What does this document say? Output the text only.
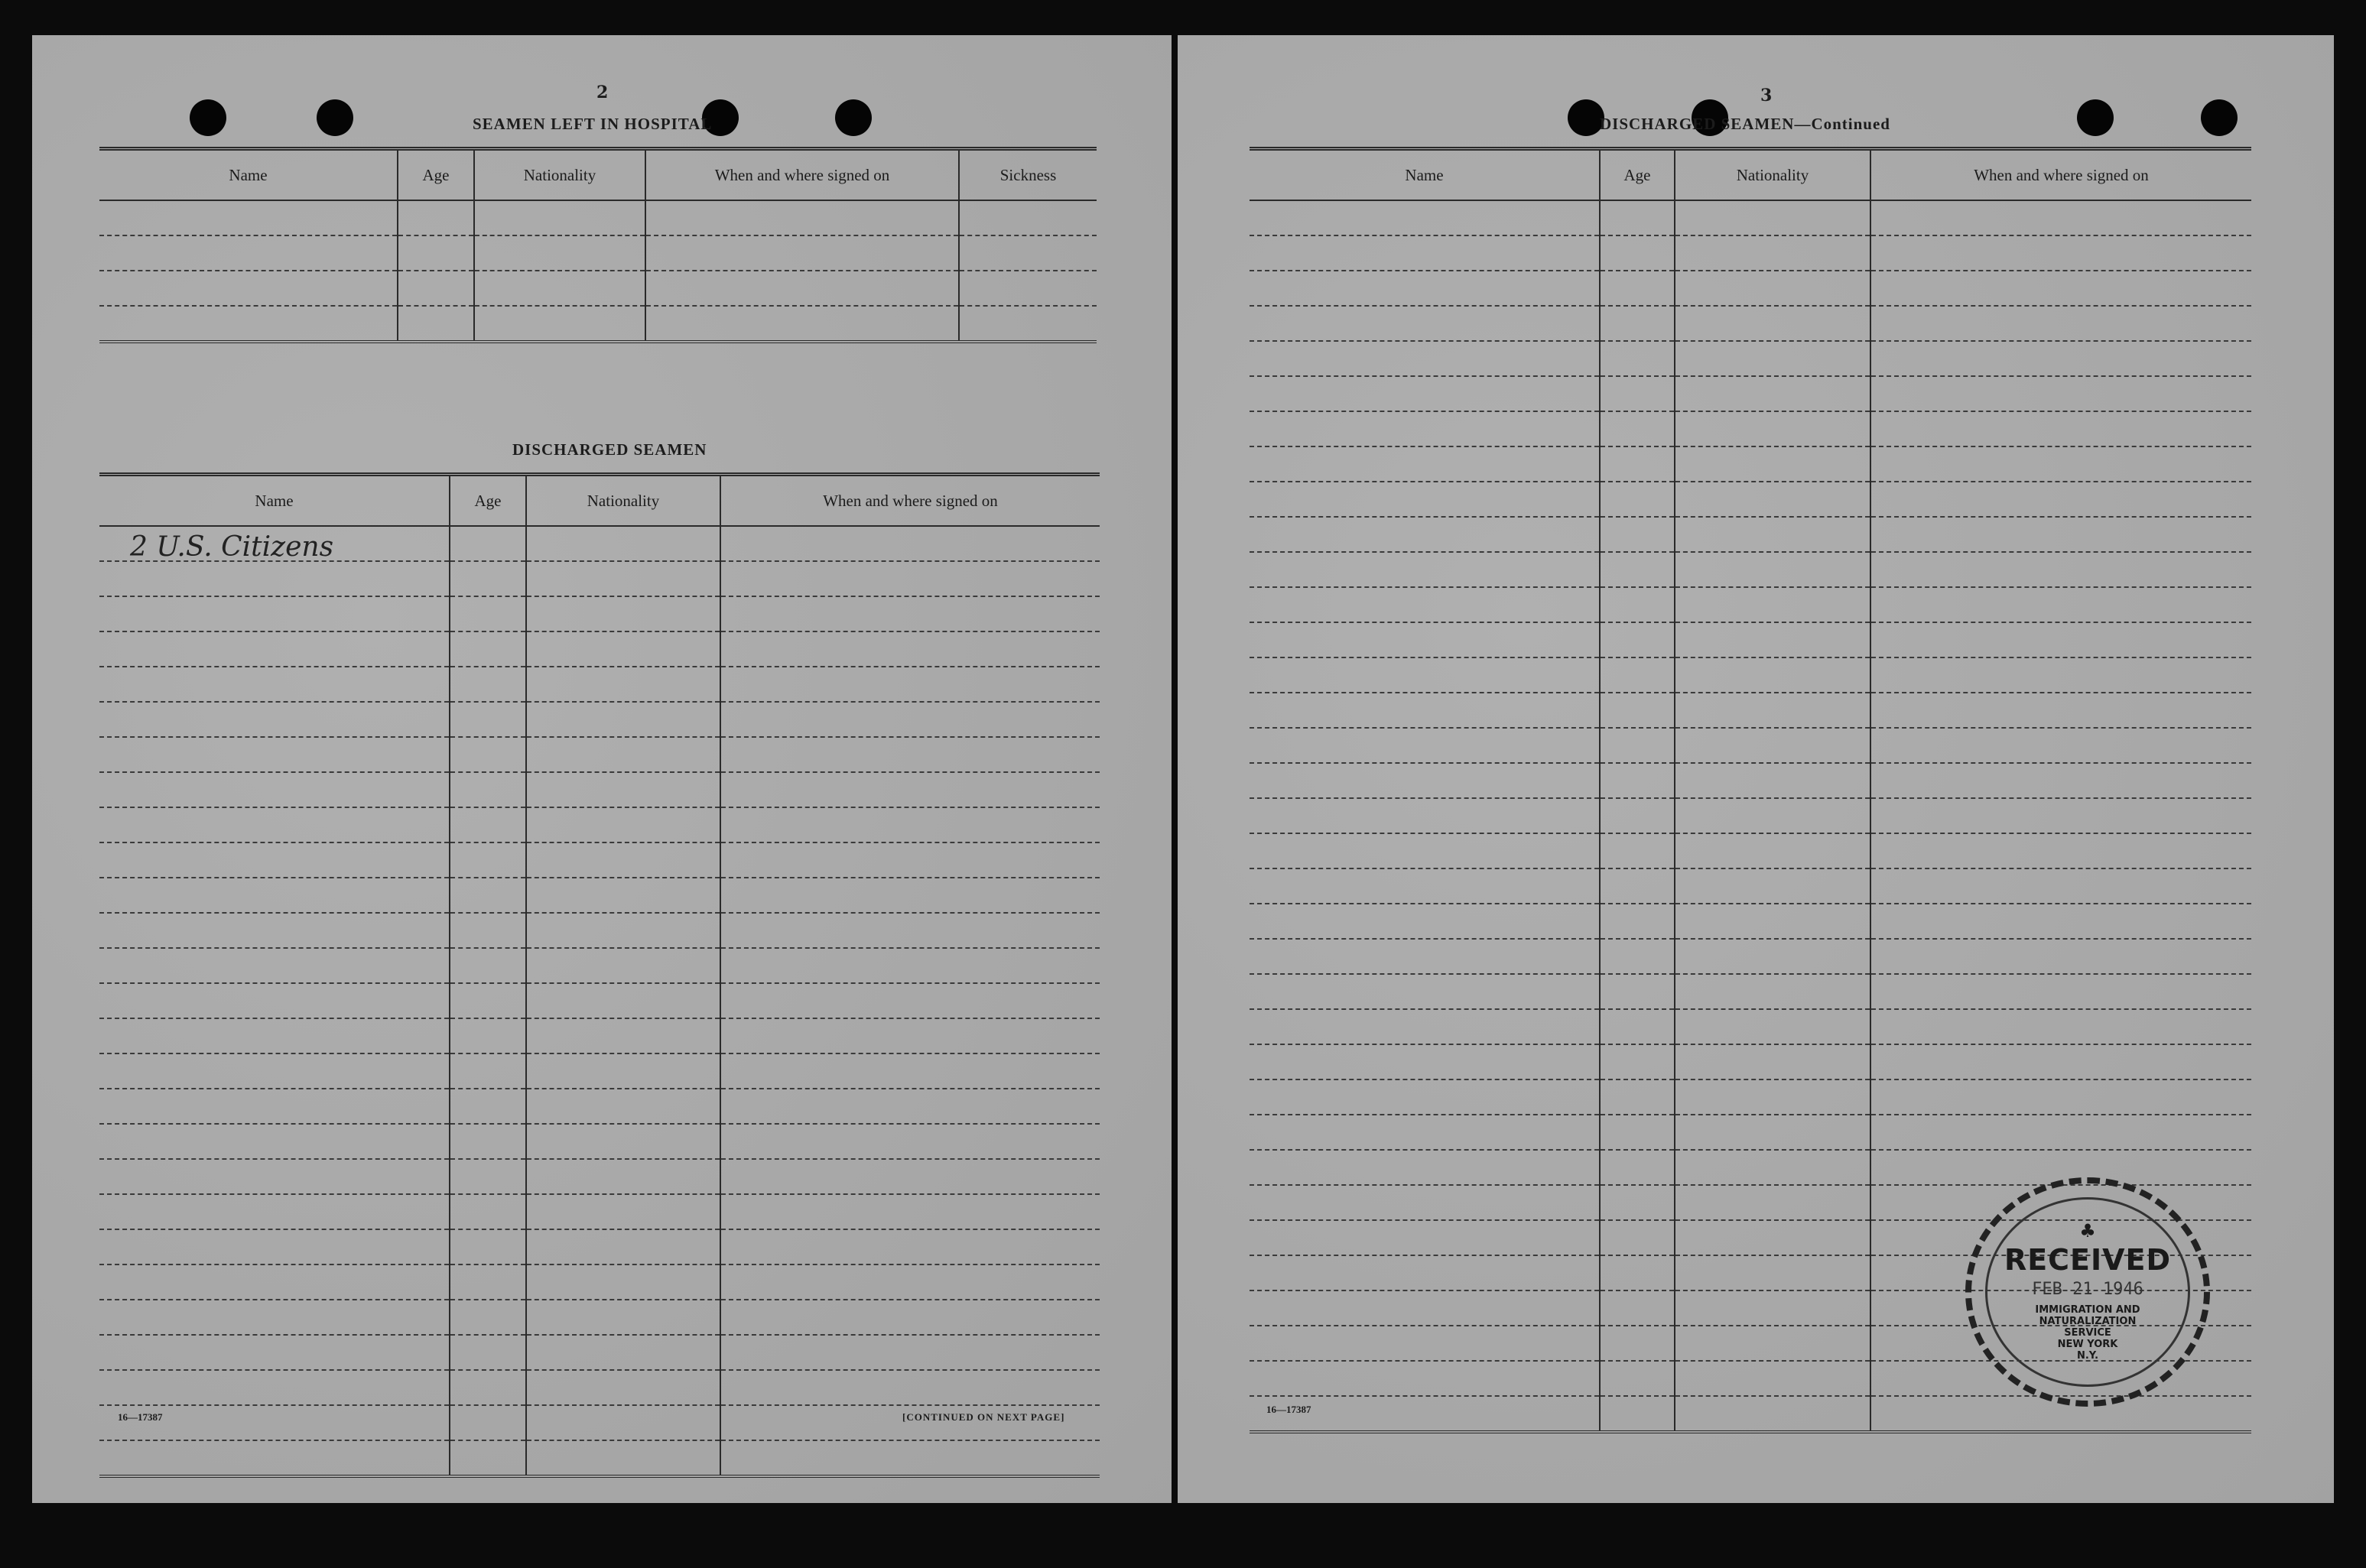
2
SEAMEN LEFT IN HOSPITAL
Name	Age	Nationality	When and where signed on	Sickness

DISCHARGED SEAMEN
Name	Age	Nationality	When and where signed on
2 U.S. Citizens			

16—17387	[CONTINUED ON NEXT PAGE]
3
DISCHARGED SEAMEN—Continued
Name	Age	Nationality	When and where signed on

16—17387
♣
RECEIVED
FEB 21 1946
IMMIGRATION AND
NATURALIZATION
SERVICE
NEW YORK
N.Y.
